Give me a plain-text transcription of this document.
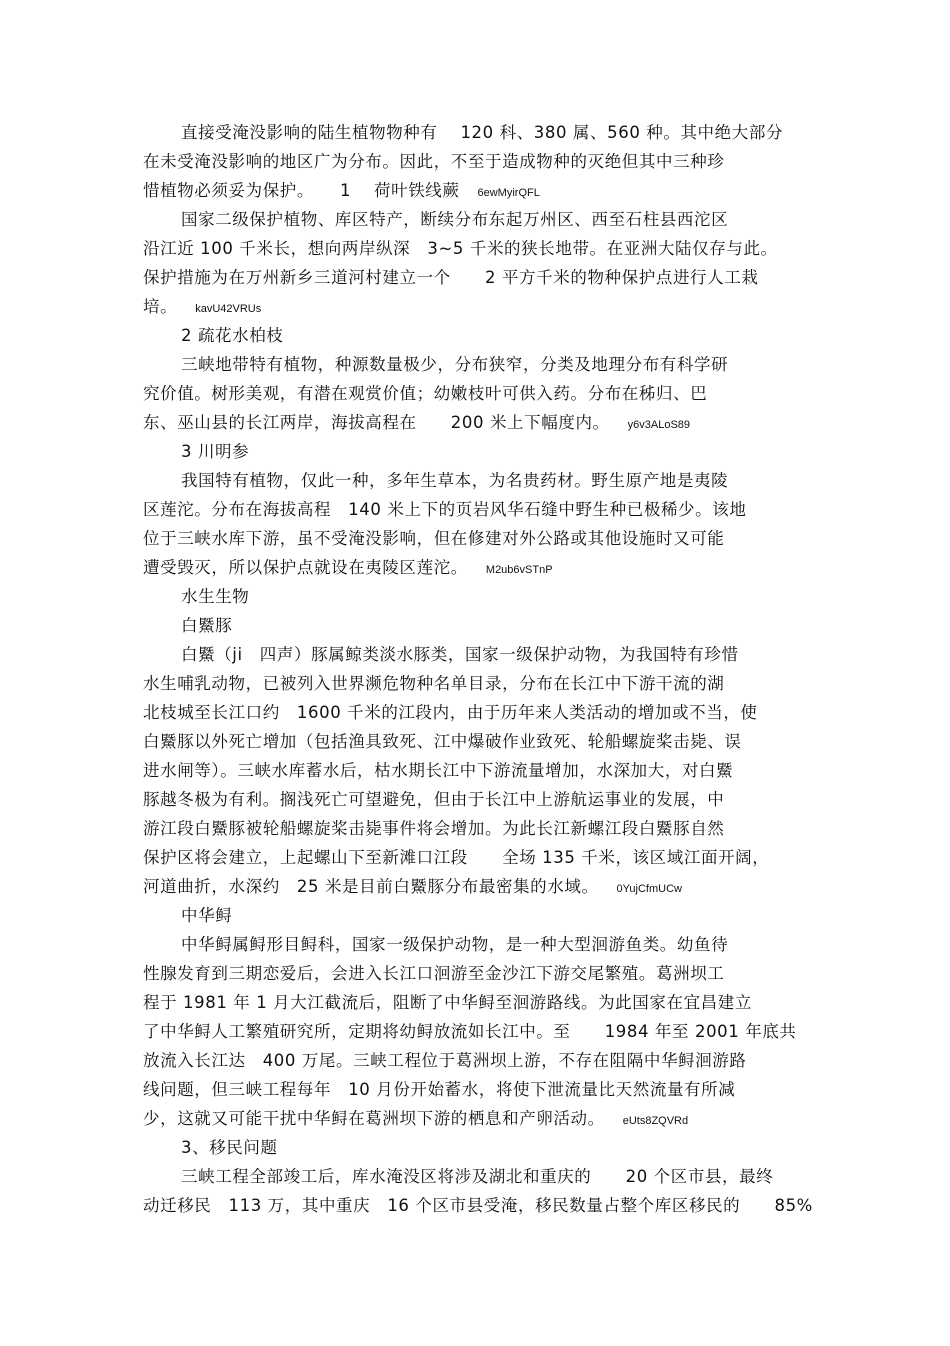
直接受淹没影响的陆生植物物种有　 120 科、380 属、560 种。其中绝大部分
在未受淹没影响的地区广为分布。因此，不至于造成物种的灭绝但其中三种珍
惜植物必须妥为保护。　　1　 荷叶铁线蕨 6ewMyirQFL
国家二级保护植物、库区特产，断续分布东起万州区、西至石柱县西沱区
沿江近 100 千米长，想向两岸纵深　3~5 千米的狭长地带。在亚洲大陆仅存与此。
保护措施为在万州新乡三道河村建立一个　　2 平方千米的物种保护点进行人工栽
培。 kavU42VRUs
2 疏花水柏枝
三峡地带特有植物，种源数量极少，分布狭窄，分类及地理分布有科学研
究价值。树形美观，有潜在观赏价值；幼嫩枝叶可供入药。分布在秭归、巴
东、巫山县的长江两岸，海拔高程在　　200 米上下幅度内。 y6v3ALoS89
3 川明参
我国特有植物，仅此一种，多年生草本，为名贵药材。野生原产地是夷陵
区莲沱。分布在海拔高程　140 米上下的页岩风华石缝中野生种已极稀少。该地
位于三峡水库下游，虽不受淹没影响，但在修建对外公路或其他设施时又可能
遭受毁灭，所以保护点就设在夷陵区莲沱。 M2ub6vSTnP
水生生物
白鱀豚
白鱀（ji　四声）豚属鲸类淡水豚类，国家一级保护动物，为我国特有珍惜
水生哺乳动物，已被列入世界濒危物种名单目录，分布在长江中下游干流的湖
北枝城至长江口约　1600 千米的江段内，由于历年来人类活动的增加或不当，使
白鱀豚以外死亡增加（包括渔具致死、江中爆破作业致死、轮船螺旋桨击毙、误
进水闸等）。三峡水库蓄水后，枯水期长江中下游流量增加，水深加大，对白鱀
豚越冬极为有利。搁浅死亡可望避免，但由于长江中上游航运事业的发展，中
游江段白鱀豚被轮船螺旋桨击毙事件将会增加。为此长江新螺江段白鱀豚自然
保护区将会建立，上起螺山下至新滩口江段　　全场 135 千米，该区域江面开阔，
河道曲折，水深约　25 米是目前白鱀豚分布最密集的水域。 0YujCfmUCw
中华鲟
中华鲟属鲟形目鲟科，国家一级保护动物，是一种大型洄游鱼类。幼鱼待
性腺发育到三期恋爱后，会进入长江口洄游至金沙江下游交尾繁殖。葛洲坝工
程于 1981 年 1 月大江截流后，阻断了中华鲟至洄游路线。为此国家在宜昌建立
了中华鲟人工繁殖研究所，定期将幼鲟放流如长江中。至　　1984 年至 2001 年底共
放流入长江达　400 万尾。三峡工程位于葛洲坝上游，不存在阻隔中华鲟洄游路
线问题，但三峡工程每年　10 月份开始蓄水，将使下泄流量比天然流量有所减
少，这就又可能干扰中华鲟在葛洲坝下游的栖息和产卵活动。 eUts8ZQVRd
3、移民问题
三峡工程全部竣工后，库水淹没区将涉及湖北和重庆的　　20 个区市县，最终
动迁移民　113 万，其中重庆　16 个区市县受淹，移民数量占整个库区移民的　　85%
